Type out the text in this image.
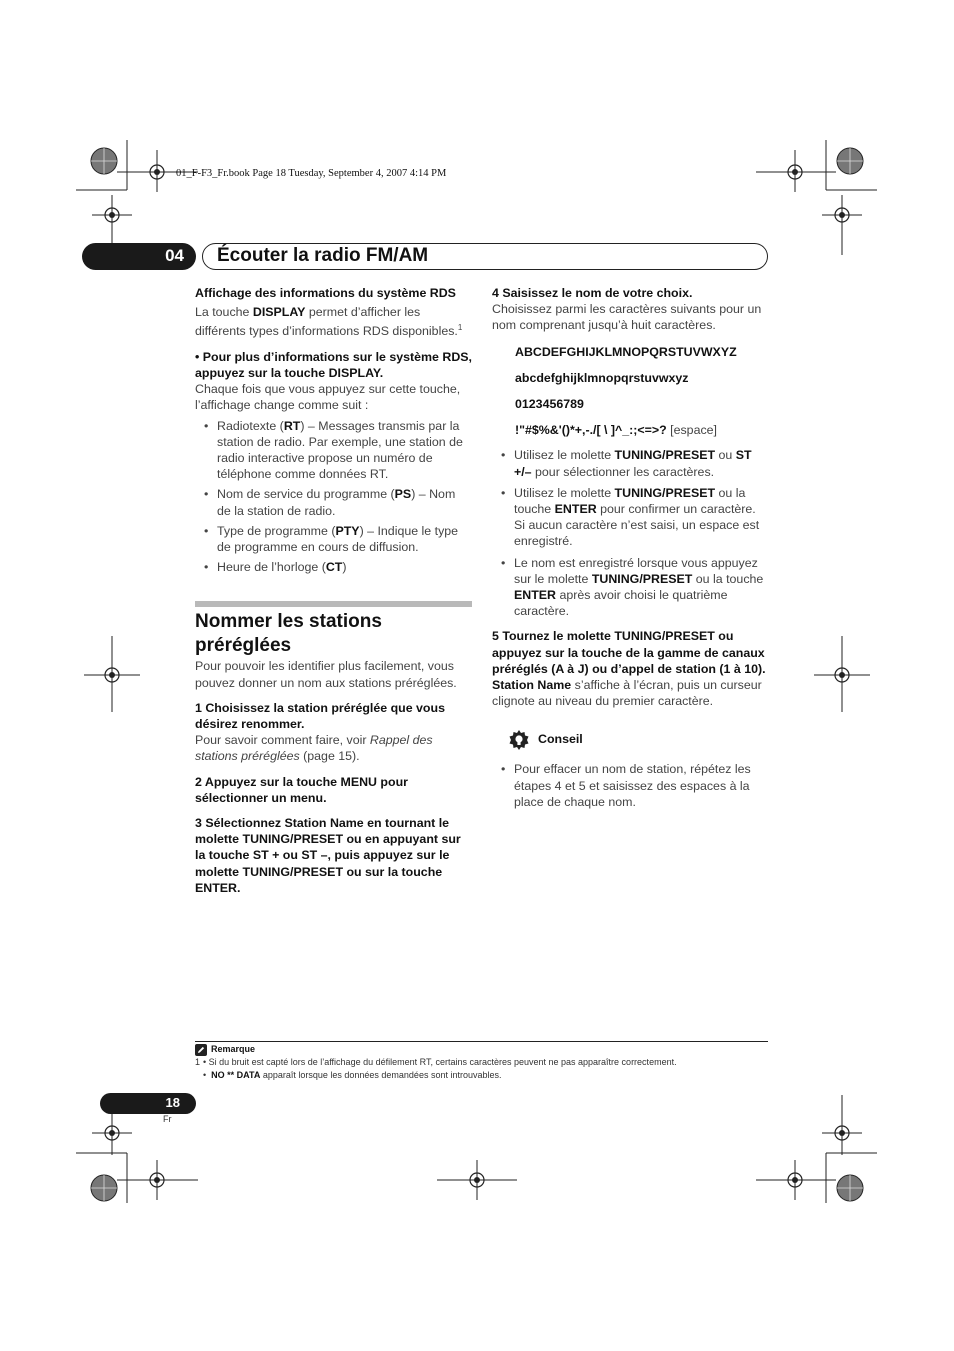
01_F-F3_Fr.book Page 18 Tuesday, September 4, 2007 4:14 PM
04 Écouter la radio FM/AM

Affichage des informations du système RDS

La touche DISPLAY permet d’afficher les différents types d’informations RDS disponibles.$^1$

• Pour plus d’informations sur le système RDS, appuyez sur la touche DISPLAY.

Chaque fois que vous appuyez sur cette touche, l’affichage change comme suit :

• Radiotexte (RT) – Messages transmis par la station de radio. Par exemple, une station de radio interactive propose un numéro de téléphone comme données RT.

• Nom de service du programme (PS) – Nom de la station de radio.

• Type de programme (PTY) – Indique le type de programme en cours de diffusion.

• Heure de l’horloge (CT)

Nommer les stations préréglées

Pour pouvoir les identifier plus facilement, vous pouvez donner un nom aux stations préréglées.

1 Choisissez la station préréglée que vous désirez renommer.

Pour savoir comment faire, voir Rappel des stations préréglées (page 15).

2 Appuyez sur la touche MENU pour sélectionner un menu.

3 Sélectionnez Station Name en tournant le molette TUNING/PRESET ou en appuyant sur la touche ST + ou ST –, puis appuyez sur le molette TUNING/PRESET ou sur la touche ENTER.

4 Saisissez le nom de votre choix.

Choisissez parmi les caractères suivants pour un nom comprenant jusqu’à huit caractères.

ABCDEFGHIJKLMNOPQRSTUVWXYZ

abcdefghijklmnopqrstuvwxyz

0123456789

!"#$%&'()*+,-./[ \ ]^_:;<=>? [espace]

• Utilisez le molette TUNING/PRESET ou ST +/– pour sélectionner les caractères.

• Utilisez le molette TUNING/PRESET ou la touche ENTER pour confirmer un caractère. Si aucun caractère n’est saisi, un espace est enregistré.

• Le nom est enregistré lorsque vous appuyez sur le molette TUNING/PRESET ou la touche ENTER après avoir choisi le quatrième caractère.

5 Tournez le molette TUNING/PRESET ou appuyez sur la touche de la gamme de canaux préréglés (A à J) ou d’appel de station (1 à 10).

Station Name s’affiche à l’écran, puis un curseur clignote au niveau du premier caractère.

Conseil

• Pour effacer un nom de station, répétez les étapes 4 et 5 et saisissez des espaces à la place de chaque nom.

Remarque
1 • Si du bruit est capté lors de l’affichage du défilement RT, certains caractères peuvent ne pas apparaître correctement.
•  NO ** DATA apparaît lorsque les données demandées sont introuvables.
18
Fr
